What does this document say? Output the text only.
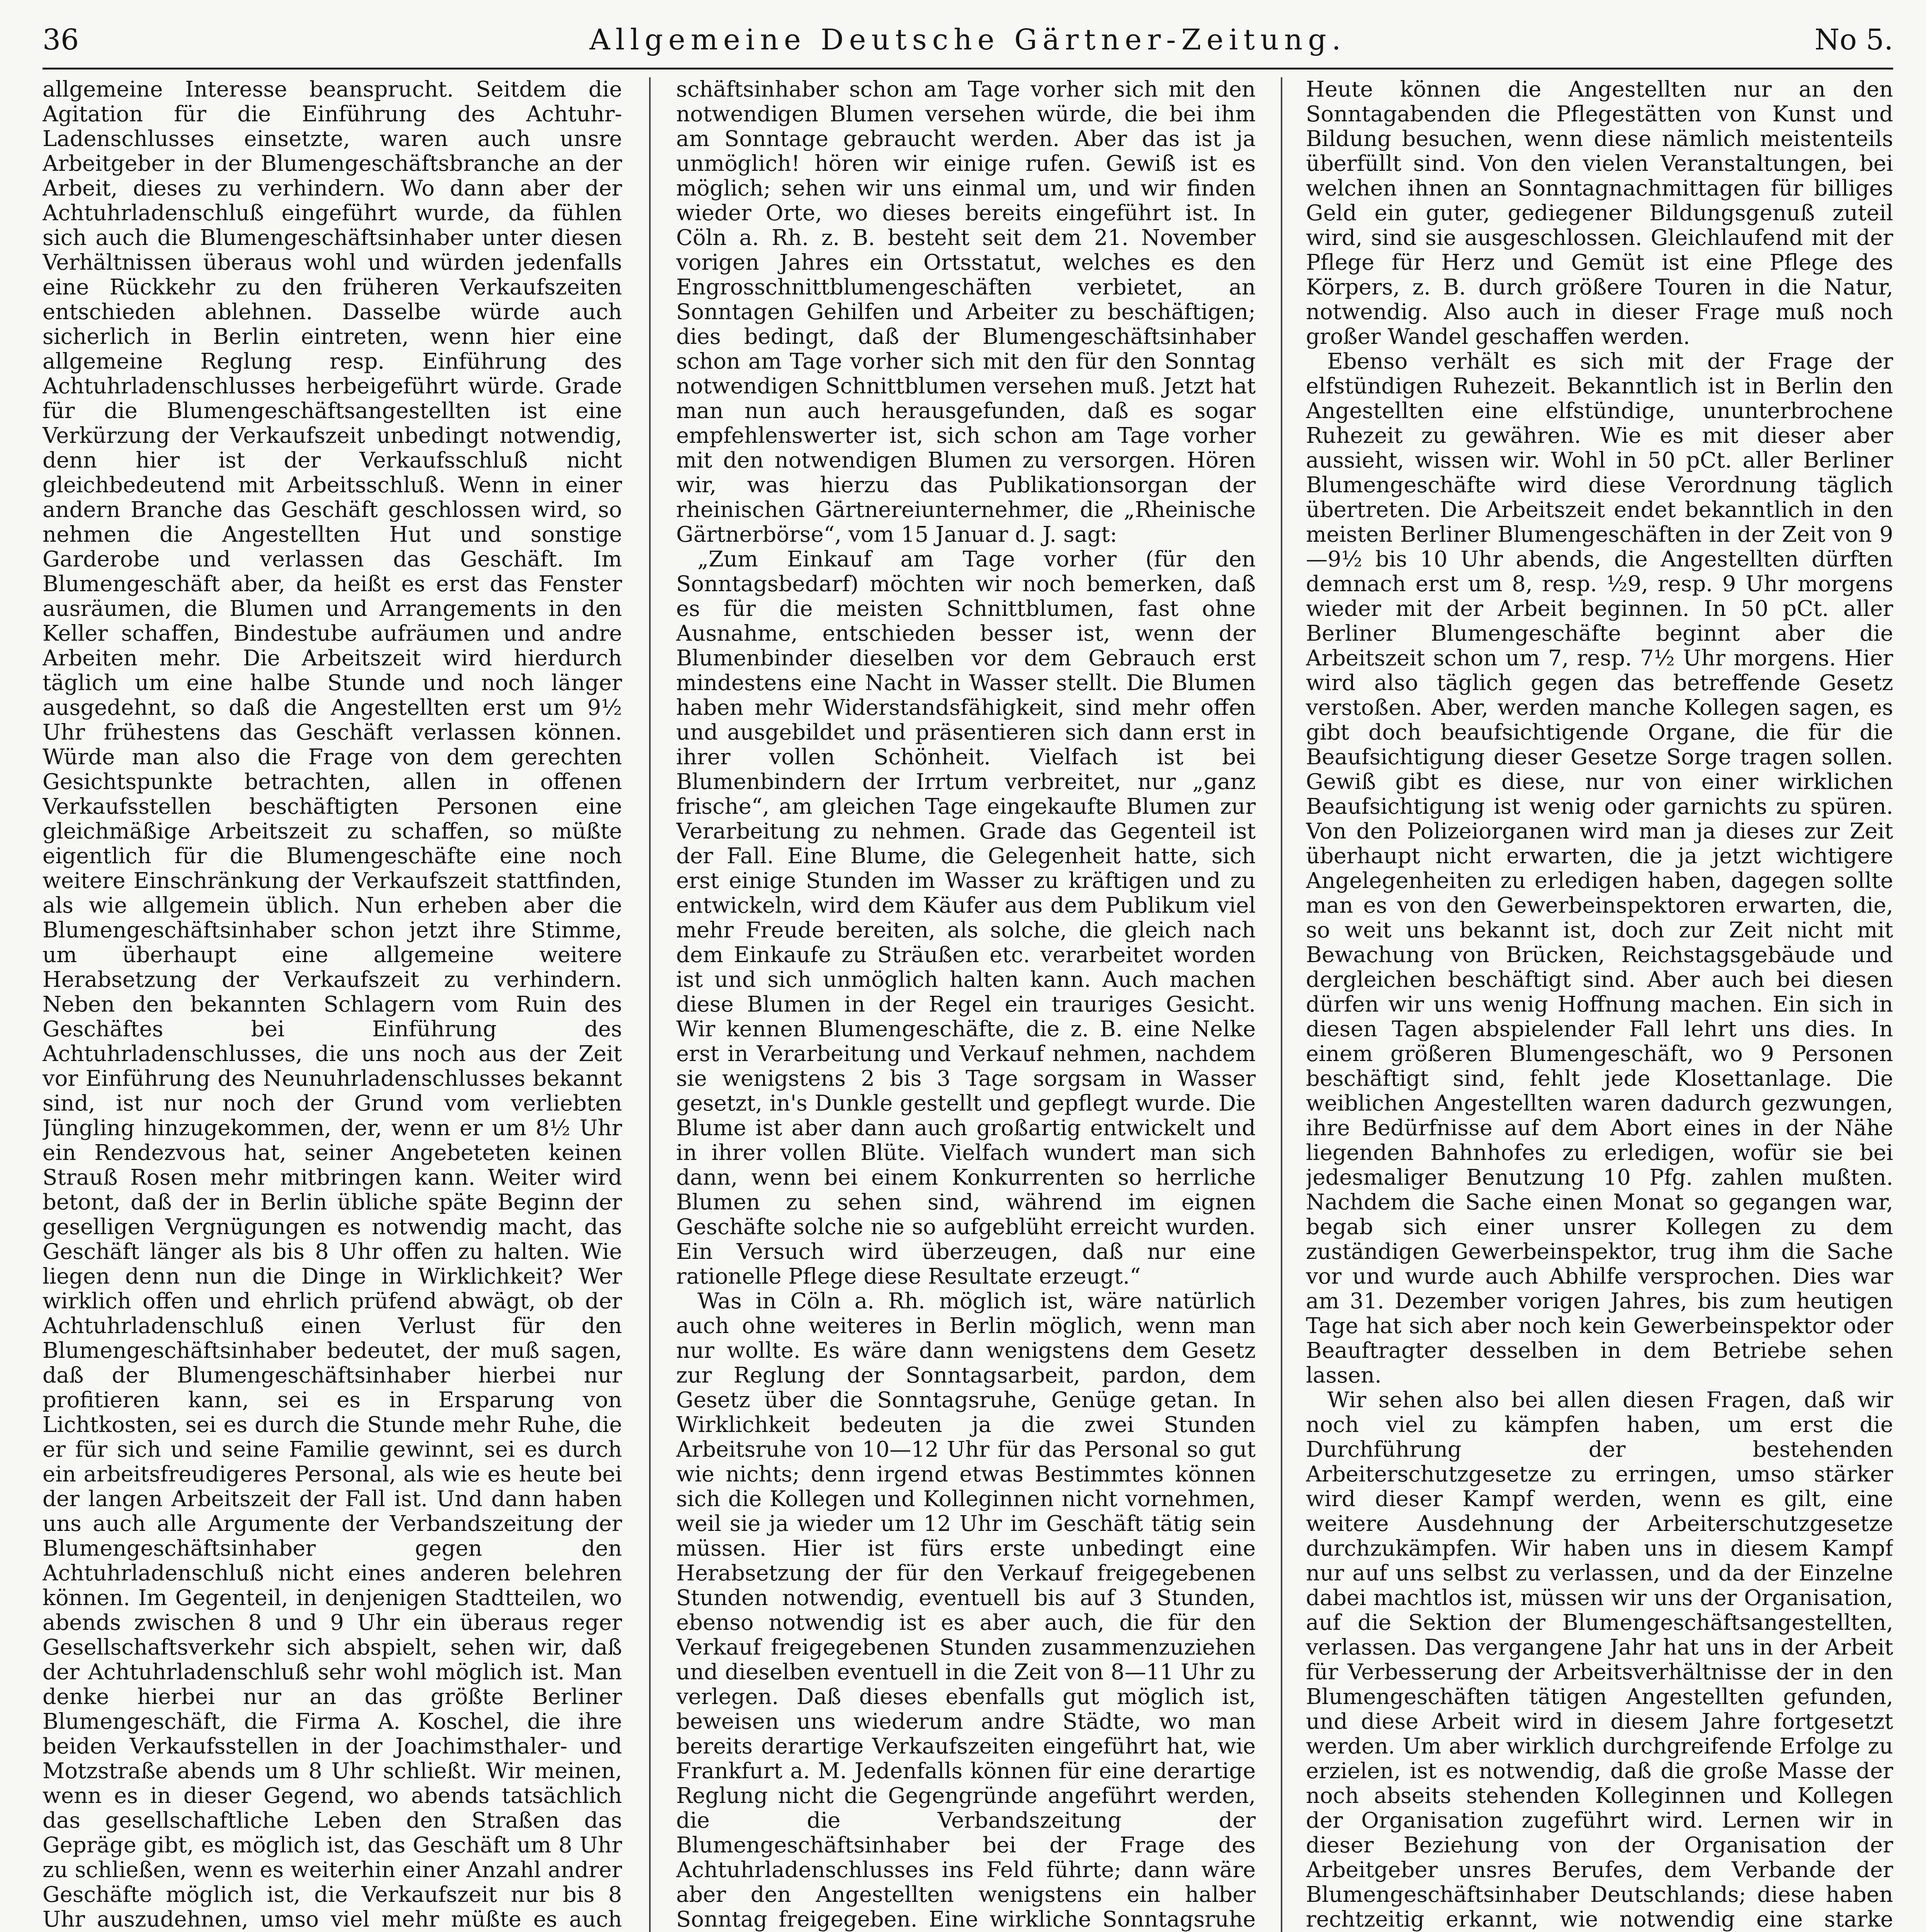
36	Allgemeine Deutsche Gärtner-Zeitung.	No 5.

allgemeine Interesse beansprucht. Seitdem die Agitation für die Einführung des Achtuhr-Ladenschlusses einsetzte, waren auch unsre Arbeitgeber in der Blumengeschäftsbranche an der Arbeit, dieses zu verhindern. Wo dann aber der Achtuhrladenschluß eingeführt wurde, da fühlen sich auch die Blumengeschäftsinhaber unter diesen Verhältnissen überaus wohl und würden jedenfalls eine Rückkehr zu den früheren Verkaufszeiten entschieden ablehnen. Dasselbe würde auch sicherlich in Berlin eintreten, wenn hier eine allgemeine Reglung resp. Einführung des Achtuhrladenschlusses herbeigeführt würde. Grade für die Blumengeschäftsangestellten ist eine Verkürzung der Verkaufszeit unbedingt notwendig, denn hier ist der Verkaufsschluß nicht gleichbedeutend mit Arbeitsschluß. Wenn in einer andern Branche das Geschäft geschlossen wird, so nehmen die Angestellten Hut und sonstige Garderobe und verlassen das Geschäft. Im Blumengeschäft aber, da heißt es erst das Fenster ausräumen, die Blumen und Arrangements in den Keller schaffen, Bindestube aufräumen und andre Arbeiten mehr. Die Arbeitszeit wird hierdurch täglich um eine halbe Stunde und noch länger ausgedehnt, so daß die Angestellten erst um 9½ Uhr frühestens das Geschäft verlassen können. Würde man also die Frage von dem gerechten Gesichtspunkte betrachten, allen in offenen Verkaufsstellen beschäftigten Personen eine gleichmäßige Arbeitszeit zu schaffen, so müßte eigentlich für die Blumengeschäfte eine noch weitere Einschränkung der Verkaufszeit stattfinden, als wie allgemein üblich. Nun erheben aber die Blumengeschäftsinhaber schon jetzt ihre Stimme, um überhaupt eine allgemeine weitere Herabsetzung der Verkaufszeit zu verhindern. Neben den bekannten Schlagern vom Ruin des Geschäftes bei Einführung des Achtuhrladenschlusses, die uns noch aus der Zeit vor Einführung des Neunuhrladenschlusses bekannt sind, ist nur noch der Grund vom verliebten Jüngling hinzugekommen, der, wenn er um 8½ Uhr ein Rendezvous hat, seiner Angebeteten keinen Strauß Rosen mehr mitbringen kann. Weiter wird betont, daß der in Berlin übliche späte Beginn der geselligen Vergnügungen es notwendig macht, das Geschäft länger als bis 8 Uhr offen zu halten. Wie liegen denn nun die Dinge in Wirklichkeit? Wer wirklich offen und ehrlich prüfend abwägt, ob der Achtuhrladenschluß einen Verlust für den Blumengeschäftsinhaber bedeutet, der muß sagen, daß der Blumengeschäftsinhaber hierbei nur profitieren kann, sei es in Ersparung von Lichtkosten, sei es durch die Stunde mehr Ruhe, die er für sich und seine Familie gewinnt, sei es durch ein arbeitsfreudigeres Personal, als wie es heute bei der langen Arbeitszeit der Fall ist. Und dann haben uns auch alle Argumente der Verbandszeitung der Blumengeschäftsinhaber gegen den Achtuhrladenschluß nicht eines anderen belehren können. Im Gegenteil, in denjenigen Stadtteilen, wo abends zwischen 8 und 9 Uhr ein überaus reger Gesellschaftsverkehr sich abspielt, sehen wir, daß der Achtuhrladenschluß sehr wohl möglich ist. Man denke hierbei nur an das größte Berliner Blumengeschäft, die Firma A. Koschel, die ihre beiden Verkaufsstellen in der Joachimsthaler- und Motzstraße abends um 8 Uhr schließt. Wir meinen, wenn es in dieser Gegend, wo abends tatsächlich das gesellschaftliche Leben den Straßen das Gepräge gibt, es möglich ist, das Geschäft um 8 Uhr zu schließen, wenn es weiterhin einer Anzahl andrer Geschäfte möglich ist, die Verkaufszeit nur bis 8 Uhr auszudehnen, umso viel mehr müßte es auch

schäftsinhaber schon am Tage vorher sich mit den notwendigen Blumen versehen würde, die bei ihm am Sonntage gebraucht werden. Aber das ist ja unmöglich! hören wir einige rufen. Gewiß ist es möglich; sehen wir uns einmal um, und wir finden wieder Orte, wo dieses bereits eingeführt ist. In Cöln a. Rh. z. B. besteht seit dem 21. November vorigen Jahres ein Ortsstatut, welches es den Engrosschnittblumengeschäften verbietet, an Sonntagen Gehilfen und Arbeiter zu beschäftigen; dies bedingt, daß der Blumengeschäftsinhaber schon am Tage vorher sich mit den für den Sonntag notwendigen Schnittblumen versehen muß. Jetzt hat man nun auch herausgefunden, daß es sogar empfehlenswerter ist, sich schon am Tage vorher mit den notwendigen Blumen zu versorgen. Hören wir, was hierzu das Publikationsorgan der rheinischen Gärtnereiunternehmer, die „Rheinische Gärtnerbörse“, vom 15 Januar d. J. sagt:

„Zum Einkauf am Tage vorher (für den Sonntagsbedarf) möchten wir noch bemerken, daß es für die meisten Schnittblumen, fast ohne Ausnahme, entschieden besser ist, wenn der Blumenbinder dieselben vor dem Gebrauch erst mindestens eine Nacht in Wasser stellt. Die Blumen haben mehr Widerstandsfähigkeit, sind mehr offen und ausgebildet und präsentieren sich dann erst in ihrer vollen Schönheit. Vielfach ist bei Blumenbindern der Irrtum verbreitet, nur „ganz frische“, am gleichen Tage eingekaufte Blumen zur Verarbeitung zu nehmen. Grade das Gegenteil ist der Fall. Eine Blume, die Gelegenheit hatte, sich erst einige Stunden im Wasser zu kräftigen und zu entwickeln, wird dem Käufer aus dem Publikum viel mehr Freude bereiten, als solche, die gleich nach dem Einkaufe zu Sträußen etc. verarbeitet worden ist und sich unmöglich halten kann. Auch machen diese Blumen in der Regel ein trauriges Gesicht. Wir kennen Blumengeschäfte, die z. B. eine Nelke erst in Verarbeitung und Verkauf nehmen, nachdem sie wenigstens 2 bis 3 Tage sorgsam in Wasser gesetzt, in's Dunkle gestellt und gepflegt wurde. Die Blume ist aber dann auch großartig entwickelt und in ihrer vollen Blüte. Vielfach wundert man sich dann, wenn bei einem Konkurrenten so herrliche Blumen zu sehen sind, während im eignen Geschäfte solche nie so aufgeblüht erreicht wurden. Ein Versuch wird überzeugen, daß nur eine rationelle Pflege diese Resultate erzeugt.“

Was in Cöln a. Rh. möglich ist, wäre natürlich auch ohne weiteres in Berlin möglich, wenn man nur wollte. Es wäre dann wenigstens dem Gesetz zur Reglung der Sonntagsarbeit, pardon, dem Gesetz über die Sonntagsruhe, Genüge getan. In Wirklichkeit bedeuten ja die zwei Stunden Arbeitsruhe von 10—12 Uhr für das Personal so gut wie nichts; denn irgend etwas Bestimmtes können sich die Kollegen und Kolleginnen nicht vornehmen, weil sie ja wieder um 12 Uhr im Geschäft tätig sein müssen. Hier ist fürs erste unbedingt eine Herabsetzung der für den Verkauf freigegebenen Stunden notwendig, eventuell bis auf 3 Stunden, ebenso notwendig ist es aber auch, die für den Verkauf freigegebenen Stunden zusammenzuziehen und dieselben eventuell in die Zeit von 8—11 Uhr zu verlegen. Daß dieses ebenfalls gut möglich ist, beweisen uns wiederum andre Städte, wo man bereits derartige Verkaufszeiten eingeführt hat, wie Frankfurt a. M. Jedenfalls können für eine derartige Reglung nicht die Gegengründe angeführt werden, die die Verbandszeitung der Blumengeschäftsinhaber bei der Frage des Achtuhrladenschlusses ins Feld führte; dann wäre aber den Angestellten wenigstens ein halber Sonntag freigegeben. Eine wirkliche Sonntagsruhe

Heute können die Angestellten nur an den Sonntagabenden die Pflegestätten von Kunst und Bildung besuchen, wenn diese nämlich meistenteils überfüllt sind. Von den vielen Veranstaltungen, bei welchen ihnen an Sonntagnachmittagen für billiges Geld ein guter, gediegener Bildungsgenuß zuteil wird, sind sie ausgeschlossen. Gleichlaufend mit der Pflege für Herz und Gemüt ist eine Pflege des Körpers, z. B. durch größere Touren in die Natur, notwendig. Also auch in dieser Frage muß noch großer Wandel geschaffen werden.

Ebenso verhält es sich mit der Frage der elfstündigen Ruhezeit. Bekanntlich ist in Berlin den Angestellten eine elfstündige, ununterbrochene Ruhezeit zu gewähren. Wie es mit dieser aber aussieht, wissen wir. Wohl in 50 pCt. aller Berliner Blumengeschäfte wird diese Verordnung täglich übertreten. Die Arbeitszeit endet bekanntlich in den meisten Berliner Blumengeschäften in der Zeit von 9—9½ bis 10 Uhr abends, die Angestellten dürften demnach erst um 8, resp. ½9, resp. 9 Uhr morgens wieder mit der Arbeit beginnen. In 50 pCt. aller Berliner Blumengeschäfte beginnt aber die Arbeitszeit schon um 7, resp. 7½ Uhr morgens. Hier wird also täglich gegen das betreffende Gesetz verstoßen. Aber, werden manche Kollegen sagen, es gibt doch beaufsichtigende Organe, die für die Beaufsichtigung dieser Gesetze Sorge tragen sollen. Gewiß gibt es diese, nur von einer wirklichen Beaufsichtigung ist wenig oder garnichts zu spüren. Von den Polizeiorganen wird man ja dieses zur Zeit überhaupt nicht erwarten, die ja jetzt wichtigere Angelegenheiten zu erledigen haben, dagegen sollte man es von den Gewerbeinspektoren erwarten, die, so weit uns bekannt ist, doch zur Zeit nicht mit Bewachung von Brücken, Reichstagsgebäude und dergleichen beschäftigt sind. Aber auch bei diesen dürfen wir uns wenig Hoffnung machen. Ein sich in diesen Tagen abspielender Fall lehrt uns dies. In einem größeren Blumengeschäft, wo 9 Personen beschäftigt sind, fehlt jede Klosettanlage. Die weiblichen Angestellten waren dadurch gezwungen, ihre Bedürfnisse auf dem Abort eines in der Nähe liegenden Bahnhofes zu erledigen, wofür sie bei jedesmaliger Benutzung 10 Pfg. zahlen mußten. Nachdem die Sache einen Monat so gegangen war, begab sich einer unsrer Kollegen zu dem zuständigen Gewerbeinspektor, trug ihm die Sache vor und wurde auch Abhilfe versprochen. Dies war am 31. Dezember vorigen Jahres, bis zum heutigen Tage hat sich aber noch kein Gewerbeinspektor oder Beauftragter desselben in dem Betriebe sehen lassen.

Wir sehen also bei allen diesen Fragen, daß wir noch viel zu kämpfen haben, um erst die Durchführung der bestehenden Arbeiterschutzgesetze zu erringen, umso stärker wird dieser Kampf werden, wenn es gilt, eine weitere Ausdehnung der Arbeiterschutzgesetze durchzukämpfen. Wir haben uns in diesem Kampf nur auf uns selbst zu verlassen, und da der Einzelne dabei machtlos ist, müssen wir uns der Organisation, auf die Sektion der Blumengeschäftsangestellten, verlassen. Das vergangene Jahr hat uns in der Arbeit für Verbesserung der Arbeitsverhältnisse der in den Blumengeschäften tätigen Angestellten gefunden, und diese Arbeit wird in diesem Jahre fortgesetzt werden. Um aber wirklich durchgreifende Erfolge zu erzielen, ist es notwendig, daß die große Masse der noch abseits stehenden Kolleginnen und Kollegen der Organisation zugeführt wird. Lernen wir in dieser Beziehung von der Organisation der Arbeitgeber unsres Berufes, dem Verbande der Blumengeschäftsinhaber Deutschlands; diese haben rechtzeitig erkannt, wie notwendig eine starke
